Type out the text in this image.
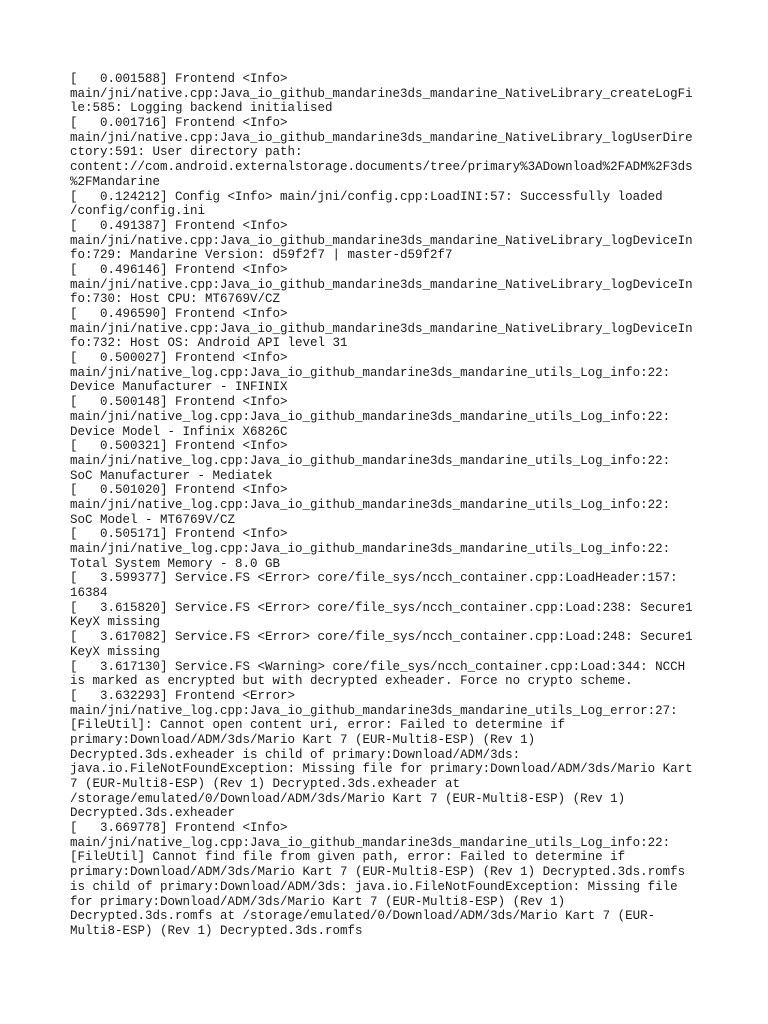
[   0.001588] Frontend <Info>
main/jni/native.cpp:Java_io_github_mandarine3ds_mandarine_NativeLibrary_createLogFi
le:585: Logging backend initialised
[   0.001716] Frontend <Info>
main/jni/native.cpp:Java_io_github_mandarine3ds_mandarine_NativeLibrary_logUserDire
ctory:591: User directory path:
content://com.android.externalstorage.documents/tree/primary%3ADownload%2FADM%2F3ds
%2FMandarine
[   0.124212] Config <Info> main/jni/config.cpp:LoadINI:57: Successfully loaded
/config/config.ini
[   0.491387] Frontend <Info>
main/jni/native.cpp:Java_io_github_mandarine3ds_mandarine_NativeLibrary_logDeviceIn
fo:729: Mandarine Version: d59f2f7 | master-d59f2f7
[   0.496146] Frontend <Info>
main/jni/native.cpp:Java_io_github_mandarine3ds_mandarine_NativeLibrary_logDeviceIn
fo:730: Host CPU: MT6769V/CZ
[   0.496590] Frontend <Info>
main/jni/native.cpp:Java_io_github_mandarine3ds_mandarine_NativeLibrary_logDeviceIn
fo:732: Host OS: Android API level 31
[   0.500027] Frontend <Info>
main/jni/native_log.cpp:Java_io_github_mandarine3ds_mandarine_utils_Log_info:22:
Device Manufacturer - INFINIX
[   0.500148] Frontend <Info>
main/jni/native_log.cpp:Java_io_github_mandarine3ds_mandarine_utils_Log_info:22:
Device Model - Infinix X6826C
[   0.500321] Frontend <Info>
main/jni/native_log.cpp:Java_io_github_mandarine3ds_mandarine_utils_Log_info:22:
SoC Manufacturer - Mediatek
[   0.501020] Frontend <Info>
main/jni/native_log.cpp:Java_io_github_mandarine3ds_mandarine_utils_Log_info:22:
SoC Model - MT6769V/CZ
[   0.505171] Frontend <Info>
main/jni/native_log.cpp:Java_io_github_mandarine3ds_mandarine_utils_Log_info:22:
Total System Memory - 8.0 GB
[   3.599377] Service.FS <Error> core/file_sys/ncch_container.cpp:LoadHeader:157:
16384
[   3.615820] Service.FS <Error> core/file_sys/ncch_container.cpp:Load:238: Secure1
KeyX missing
[   3.617082] Service.FS <Error> core/file_sys/ncch_container.cpp:Load:248: Secure1
KeyX missing
[   3.617130] Service.FS <Warning> core/file_sys/ncch_container.cpp:Load:344: NCCH
is marked as encrypted but with decrypted exheader. Force no crypto scheme.
[   3.632293] Frontend <Error>
main/jni/native_log.cpp:Java_io_github_mandarine3ds_mandarine_utils_Log_error:27:
[FileUtil]: Cannot open content uri, error: Failed to determine if
primary:Download/ADM/3ds/Mario Kart 7 (EUR-Multi8-ESP) (Rev 1)
Decrypted.3ds.exheader is child of primary:Download/ADM/3ds:
java.io.FileNotFoundException: Missing file for primary:Download/ADM/3ds/Mario Kart
7 (EUR-Multi8-ESP) (Rev 1) Decrypted.3ds.exheader at
/storage/emulated/0/Download/ADM/3ds/Mario Kart 7 (EUR-Multi8-ESP) (Rev 1)
Decrypted.3ds.exheader
[   3.669778] Frontend <Info>
main/jni/native_log.cpp:Java_io_github_mandarine3ds_mandarine_utils_Log_info:22:
[FileUtil] Cannot find file from given path, error: Failed to determine if
primary:Download/ADM/3ds/Mario Kart 7 (EUR-Multi8-ESP) (Rev 1) Decrypted.3ds.romfs
is child of primary:Download/ADM/3ds: java.io.FileNotFoundException: Missing file
for primary:Download/ADM/3ds/Mario Kart 7 (EUR-Multi8-ESP) (Rev 1)
Decrypted.3ds.romfs at /storage/emulated/0/Download/ADM/3ds/Mario Kart 7 (EUR-
Multi8-ESP) (Rev 1) Decrypted.3ds.romfs
